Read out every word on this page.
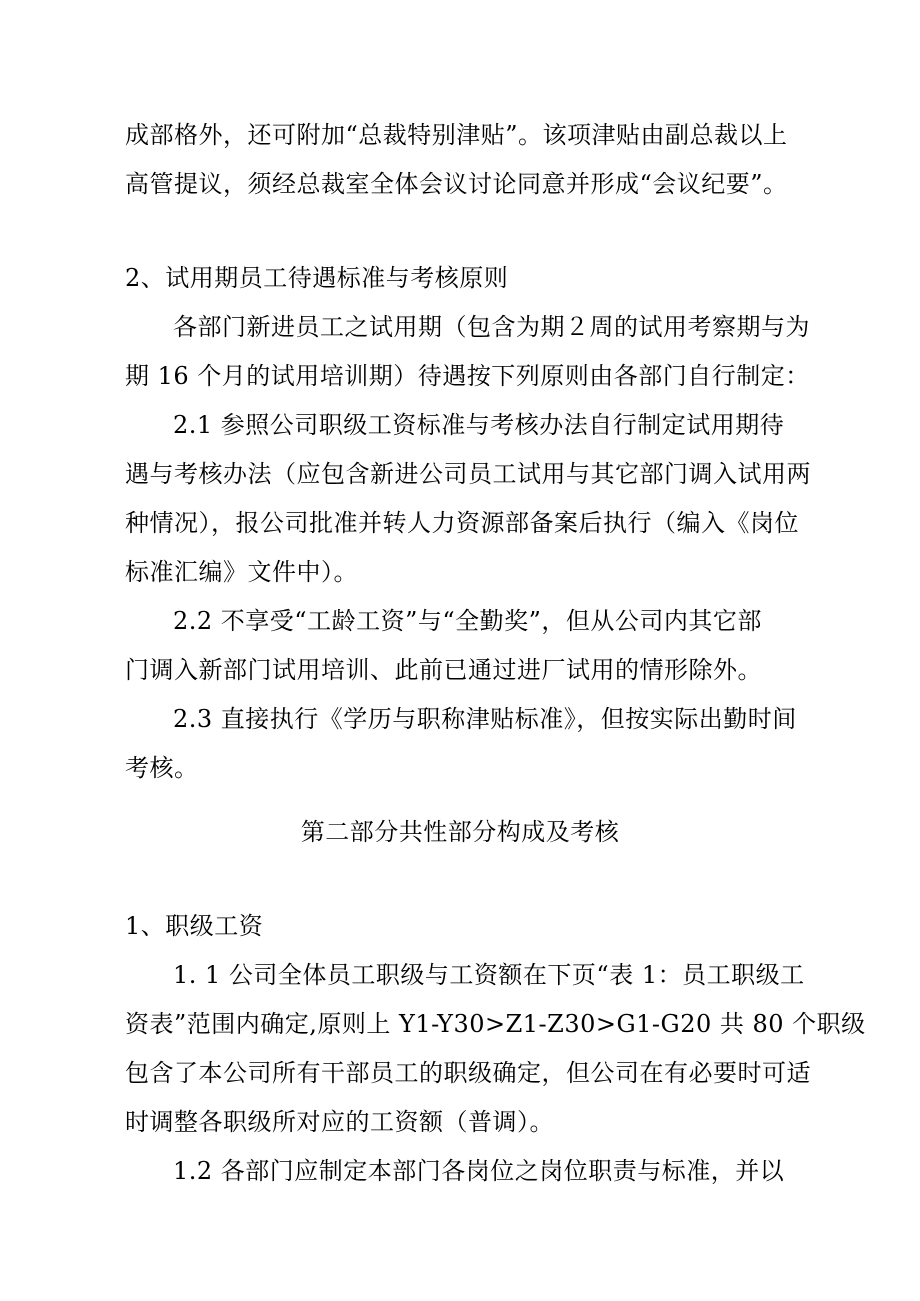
成部格外，还可附加“总裁特别津贴”。该项津贴由副总裁以上
高管提议，须经总裁室全体会议讨论同意并形成“会议纪要”。
2、试用期员工待遇标准与考核原则
各部门新进员工之试用期（包含为期２周的试用考察期与为
期 16 个月的试用培训期）待遇按下列原则由各部门自行制定：
2.1 参照公司职级工资标准与考核办法自行制定试用期待
遇与考核办法（应包含新进公司员工试用与其它部门调入试用两
种情况），报公司批准并转人力资源部备案后执行（编入《岗位
标准汇编》文件中）。
2.2 不享受“工龄工资”与“全勤奖”，但从公司内其它部
门调入新部门试用培训、此前已通过进厂试用的情形除外。
2.3 直接执行《学历与职称津贴标准》，但按实际出勤时间
考核。
第二部分共性部分构成及考核
1、职级工资
1. 1 公司全体员工职级与工资额在下页“表 1：员工职级工
资表”范围内确定,原则上 Y1-Y30>Z1-Z30>G1-G20 共 80 个职级
包含了本公司所有干部员工的职级确定，但公司在有必要时可适
时调整各职级所对应的工资额（普调）。
1.2 各部门应制定本部门各岗位之岗位职责与标准，并以
